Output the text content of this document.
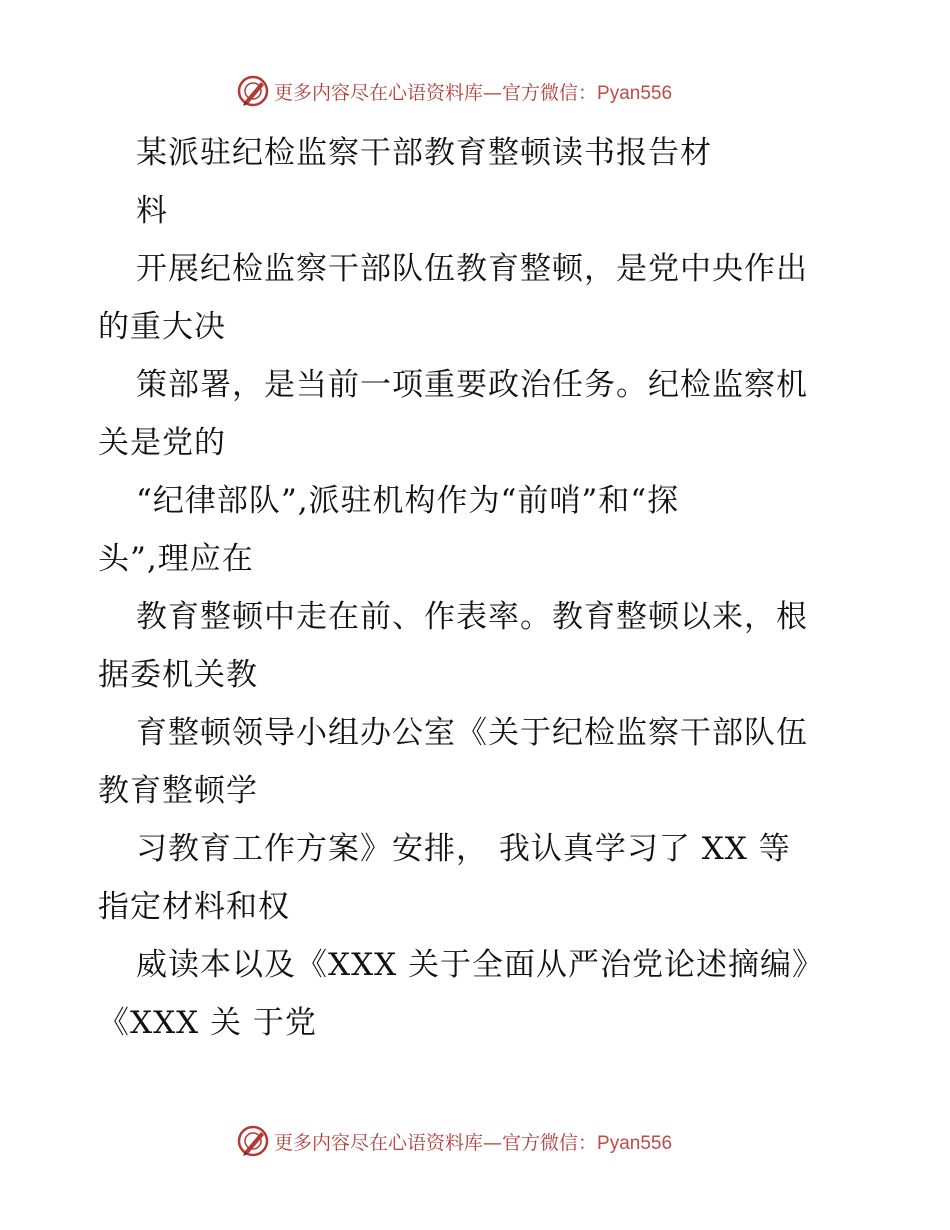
更多内容尽在心语资料库—官方微信：Pyan556
某派驻纪检监察干部教育整顿读书报告材
料
开展纪检监察干部队伍教育整顿，是党中央作出
的重大决
策部署，是当前一项重要政治任务。纪检监察机
关是党的
“纪律部队”,派驻机构作为“前哨”和“探
头”,理应在
教育整顿中走在前、作表率。教育整顿以来，根
据委机关教
育整顿领导小组办公室《关于纪检监察干部队伍
教育整顿学
习教育工作方案》安排， 我认真学习了 XX 等
指定材料和权
威读本以及《XXX 关于全面从严治党论述摘编》
《XXX 关 于党
更多内容尽在心语资料库—官方微信：Pyan556
